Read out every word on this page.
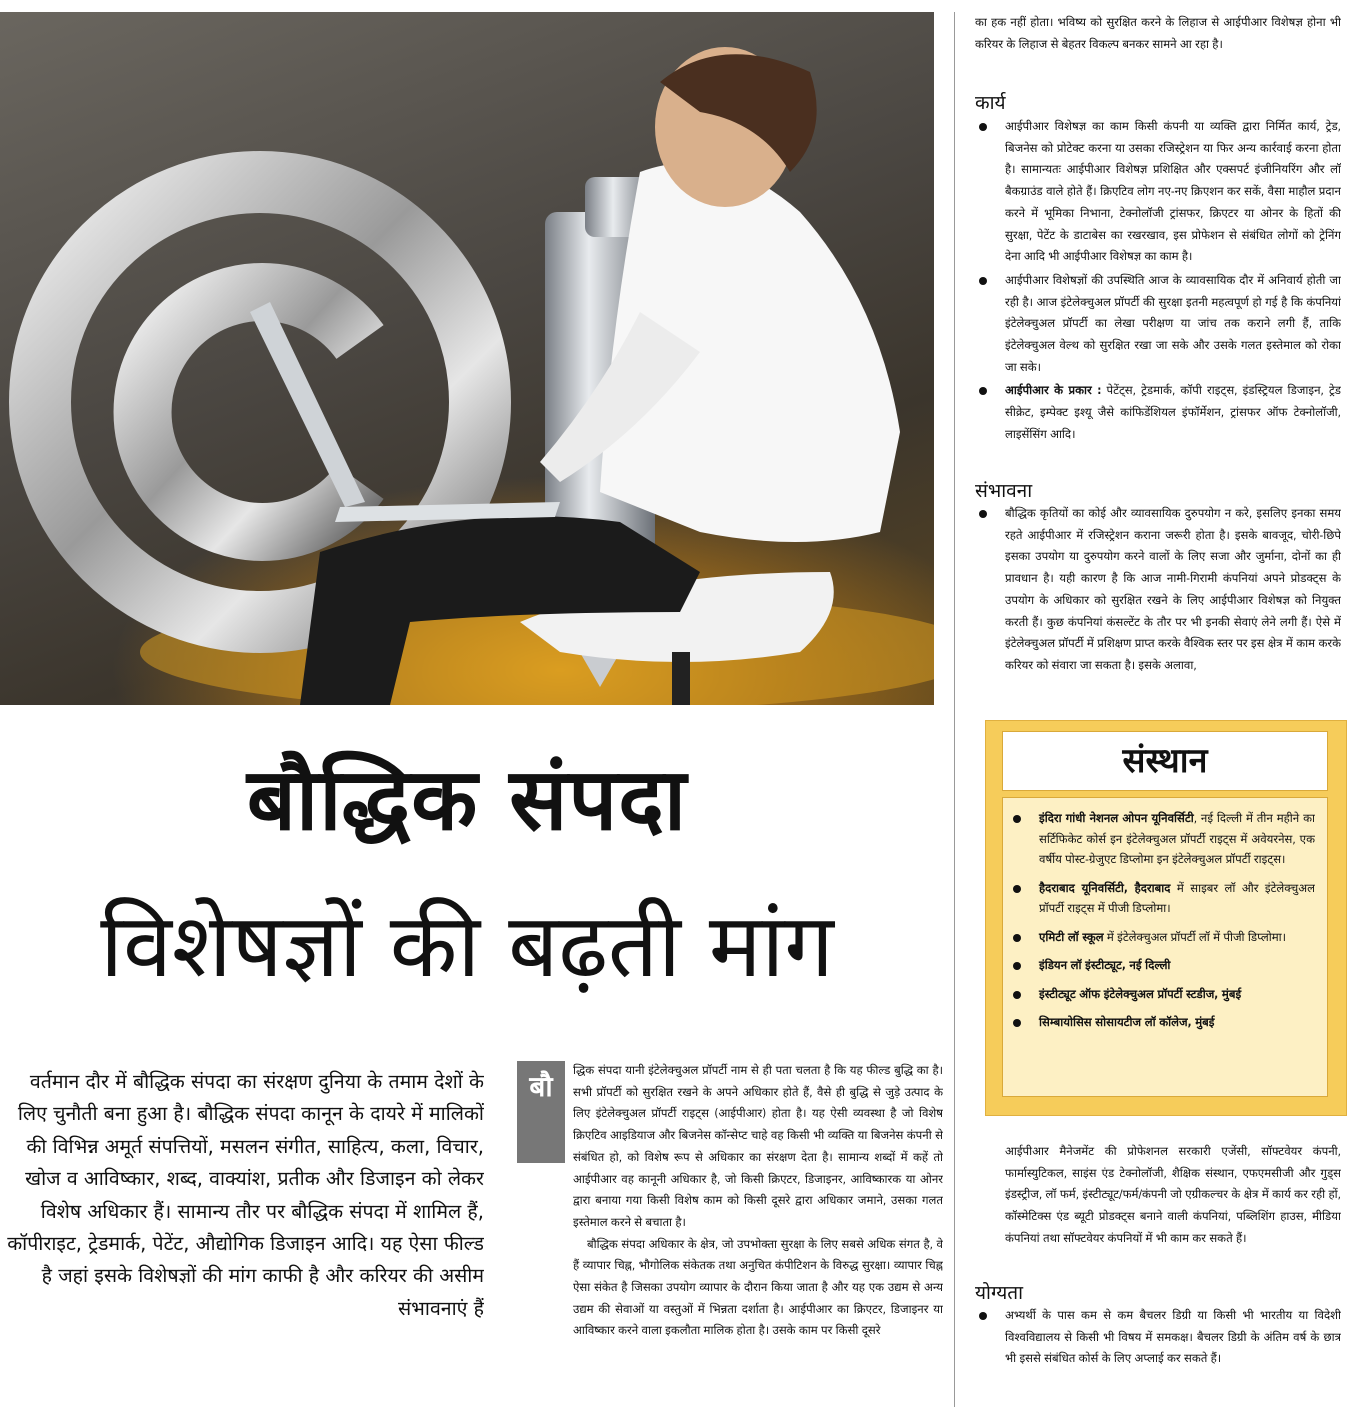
बौद्धिक संपदा
विशेषज्ञों की बढ़ती मांग

वर्तमान दौर में बौद्धिक संपदा का संरक्षण दुनिया के तमाम देशों के लिए चुनौती बना हुआ है। बौद्धिक संपदा कानून के दायरे में मालिकों की विभिन्न अमूर्त संपत्तियों, मसलन संगीत, साहित्य, कला, विचार, खोज व आविष्कार, शब्द, वाक्यांश, प्रतीक और डिजाइन को लेकर विशेष अधिकार हैं। सामान्य तौर पर बौद्धिक संपदा में शामिल हैं, कॉपीराइट, ट्रेडमार्क, पेटेंट, औद्योगिक डिजाइन आदि। यह ऐसा फील्ड है जहां इसके विशेषज्ञों की मांग काफी है और करियर की असीम संभावनाएं हैं

बौ	द्धिक संपदा यानी इंटेलेक्चुअल प्रॉपर्टी नाम से ही पता चलता है कि यह फील्ड बुद्धि का है। सभी प्रॉपर्टी को सुरक्षित रखने के अपने अधिकार होते हैं, वैसे ही बुद्धि से जुड़े उत्पाद के लिए इंटेलेक्चुअल प्रॉपर्टी राइट्स (आईपीआर) होता है। यह ऐसी व्यवस्था है जो विशेष क्रिएटिव आइडियाज और बिजनेस कॉन्सेप्ट चाहे वह किसी भी व्यक्ति या बिजनेस कंपनी से संबंधित हो, को विशेष रूप से अधिकार का संरक्षण देता है। सामान्य शब्दों में कहें तो आईपीआर वह कानूनी अधिकार है, जो किसी क्रिएटर, डिजाइनर, आविष्कारक या ओनर द्वारा बनाया गया किसी विशेष काम को किसी दूसरे द्वारा अधिकार जमाने, उसका गलत इस्तेमाल करने से बचाता है।

बौद्धिक संपदा अधिकार के क्षेत्र, जो उपभोक्ता सुरक्षा के लिए सबसे अधिक संगत है, वे हैं व्यापार चिह्न, भौगोलिक संकेतक तथा अनुचित कंपीटिशन के विरुद्ध सुरक्षा। व्यापार चिह्न ऐसा संकेत है जिसका उपयोग व्यापार के दौरान किया जाता है और यह एक उद्यम से अन्य उद्यम की सेवाओं या वस्तुओं में भिन्नता दर्शाता है। आईपीआर का क्रिएटर, डिजाइनर या आविष्कार करने वाला इकलौता मालिक होता है। उसके काम पर किसी दूसरे

का हक नहीं होता। भविष्य को सुरक्षित करने के लिहाज से आईपीआर विशेषज्ञ होना भी करियर के लिहाज से बेहतर विकल्प बनकर सामने आ रहा है।

कार्य
आईपीआर विशेषज्ञ का काम किसी कंपनी या व्यक्ति द्वारा निर्मित कार्य, ट्रेड, बिजनेस को प्रोटेक्ट करना या उसका रजिस्ट्रेशन या फिर अन्य कार्रवाई करना होता है। सामान्यतः आईपीआर विशेषज्ञ प्रशिक्षित और एक्सपर्ट इंजीनियरिंग और लॉ बैकग्राउंड वाले होते हैं। क्रिएटिव लोग नए-नए क्रिएशन कर सकें, वैसा माहौल प्रदान करने में भूमिका निभाना, टेक्नोलॉजी ट्रांसफर, क्रिएटर या ओनर के हितों की सुरक्षा, पेटेंट के डाटाबेस का रखरखाव, इस प्रोफेशन से संबंधित लोगों को ट्रेनिंग देना आदि भी आईपीआर विशेषज्ञ का काम है।
आईपीआर विशेषज्ञों की उपस्थिति आज के व्यावसायिक दौर में अनिवार्य होती जा रही है। आज इंटेलेक्चुअल प्रॉपर्टी की सुरक्षा इतनी महत्वपूर्ण हो गई है कि कंपनियां इंटेलेक्चुअल प्रॉपर्टी का लेखा परीक्षण या जांच तक कराने लगी हैं, ताकि इंटेलेक्चुअल वेल्थ को सुरक्षित रखा जा सके और उसके गलत इस्तेमाल को रोका जा सके।
आईपीआर के प्रकार : पेटेंट्स, ट्रेडमार्क, कॉपी राइट्स, इंडस्ट्रियल डिजाइन, ट्रेड सीक्रेट, इम्पेक्ट इश्यू जैसे कांफिडेंशियल इंफॉर्मेशन, ट्रांसफर ऑफ टेक्नोलॉजी, लाइसेंसिंग आदि।
संभावना
बौद्धिक कृतियों का कोई और व्यावसायिक दुरुपयोग न करे, इसलिए इनका समय रहते आईपीआर में रजिस्ट्रेशन कराना जरूरी होता है। इसके बावजूद, चोरी-छिपे इसका उपयोग या दुरुपयोग करने वालों के लिए सजा और जुर्माना, दोनों का ही प्रावधान है। यही कारण है कि आज नामी-गिरामी कंपनियां अपने प्रोडक्ट्स के उपयोग के अधिकार को सुरक्षित रखने के लिए आईपीआर विशेषज्ञ को नियुक्त करती हैं। कुछ कंपनियां कंसल्टेंट के तौर पर भी इनकी सेवाएं लेने लगी हैं। ऐसे में इंटेलेक्चुअल प्रॉपर्टी में प्रशिक्षण प्राप्त करके वैश्विक स्तर पर इस क्षेत्र में काम करके करियर को संवारा जा सकता है। इसके अलावा,
संस्थान
इंदिरा गांधी नेशनल ओपन यूनिवर्सिटी, नई दिल्ली में तीन महीने का सर्टिफिकेट कोर्स इन इंटेलेक्चुअल प्रॉपर्टी राइट्स में अवेयरनेस, एक वर्षीय पोस्ट-ग्रेजुएट डिप्लोमा इन इंटेलेक्चुअल प्रॉपर्टी राइट्स।
हैदराबाद यूनिवर्सिटी, हैदराबाद में साइबर लॉ और इंटेलेक्चुअल प्रॉपर्टी राइट्स में पीजी डिप्लोमा।
एमिटी लॉ स्कूल में इंटेलेक्चुअल प्रॉपर्टी लॉ में पीजी डिप्लोमा।
इंडियन लॉ इंस्टीट्यूट, नई दिल्ली
इंस्टीट्यूट ऑफ इंटेलेक्चुअल प्रॉपर्टी स्टडीज, मुंबई
सिम्बायोसिस सोसायटीज लॉ कॉलेज, मुंबई

आईपीआर मैनेजमेंट की प्रोफेशनल सरकारी एजेंसी, सॉफ्टवेयर कंपनी, फार्मास्युटिकल, साइंस एंड टेक्नोलॉजी, शैक्षिक संस्थान, एफएमसीजी और गुड्स इंडस्ट्रीज, लॉ फर्म, इंस्टीट्यूट/फर्म/कंपनी जो एग्रीकल्चर के क्षेत्र में कार्य कर रही हों, कॉस्मेटिक्स एंड ब्यूटी प्रोडक्ट्स बनाने वाली कंपनियां, पब्लिशिंग हाउस, मीडिया कंपनियां तथा सॉफ्टवेयर कंपनियों में भी काम कर सकते हैं।

योग्यता
अभ्यर्थी के पास कम से कम बैचलर डिग्री या किसी भी भारतीय या विदेशी विश्वविद्यालय से किसी भी विषय में समकक्ष। बैचलर डिग्री के अंतिम वर्ष के छात्र भी इससे संबंधित कोर्स के लिए अप्लाई कर सकते हैं।
